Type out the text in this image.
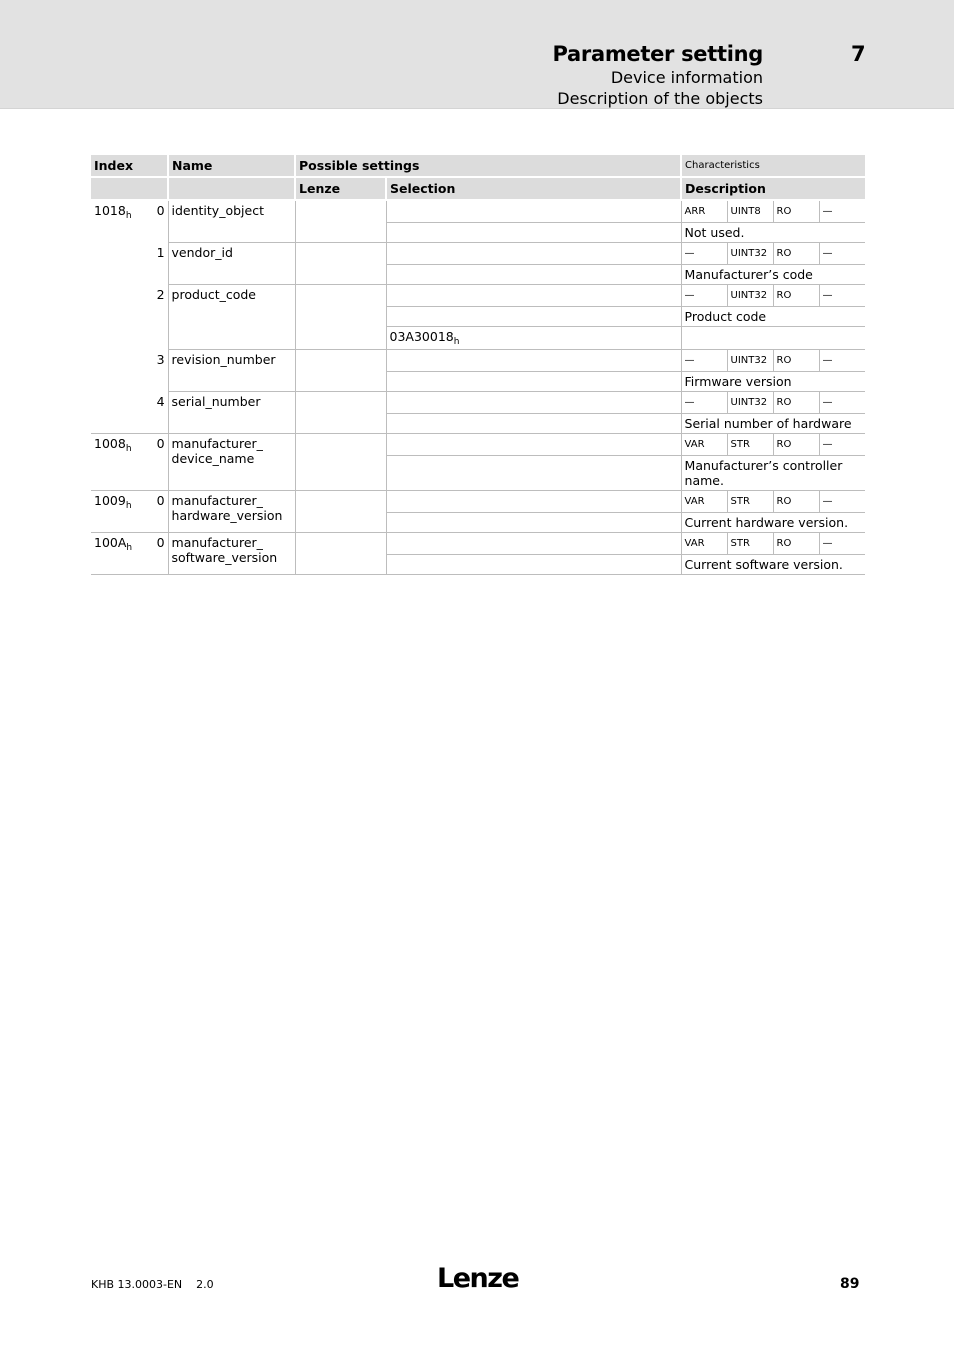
Parameter setting	7
Device information
Description of the objects
Index		Name	Possible settings		Characteristics			
			Lenze	Selection	Description			
$1018_h$	0	identity_object			ARR	UINT8	RO	—
					Not used.			
	1	vendor_id			—	UINT32	RO	—
					Manufacturer’s code			
	2	product_code			—	UINT32	RO	—
					Product code			
				$03A30018_h$	
	3	revision_number			—	UINT32	RO	—
					Firmware version			
	4	serial_number			—	UINT32	RO	—
					Serial number of hardware			
$1008_h$	0	manufacturer_ device_name			VAR	STR	RO	—
					Manufacturer’s controller name.			
$1009_h$	0	manufacturer_ hardware_version			VAR	STR	RO	—
					Current hardware version.			
$100A_h$	0	manufacturer_ software_version			VAR	STR	RO	—
					Current software version.			
KHB 13.0003-EN 2.0	Lenze	89
